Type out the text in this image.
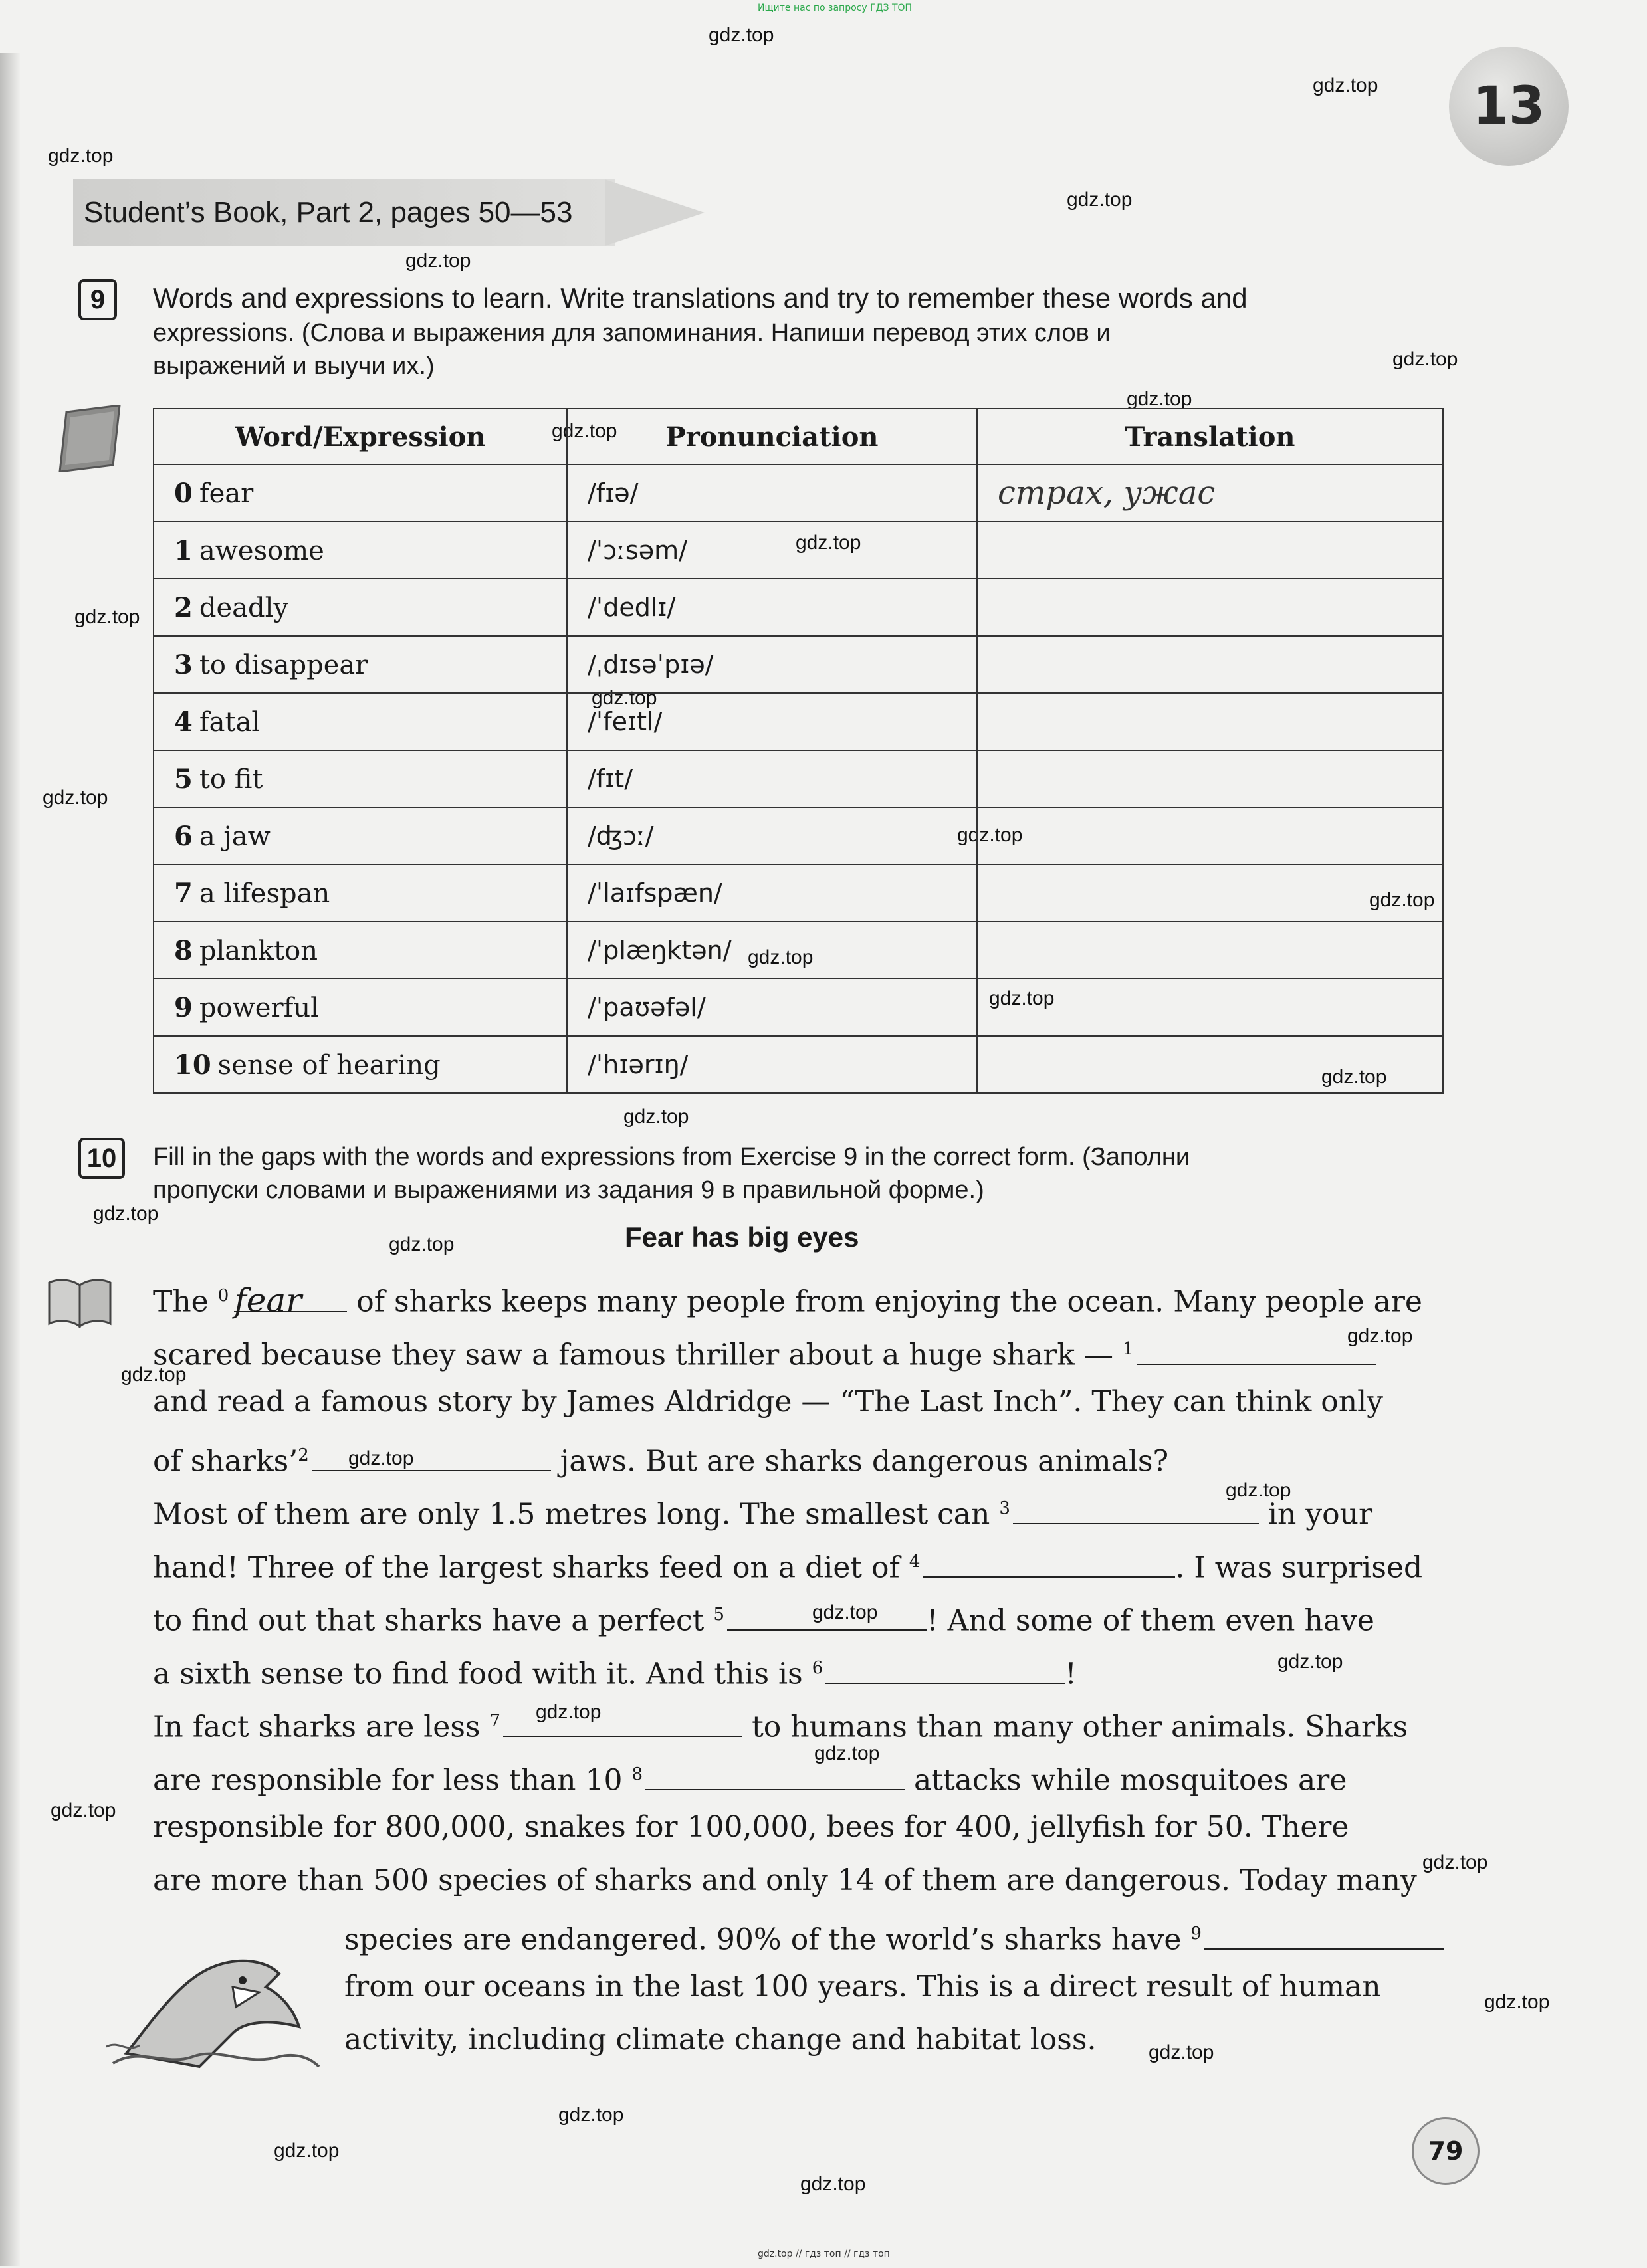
Ищите нас по запросу ГДЗ ТОП
gdz.top
gdz.top
gdz.top
gdz.top
gdz.top
gdz.top
gdz.top
gdz.top
gdz.top
gdz.top
gdz.top
gdz.top
gdz.top
gdz.top
gdz.top
gdz.top
gdz.top
gdz.top
gdz.top
gdz.top
gdz.top
gdz.top
gdz.top
gdz.top
gdz.top
gdz.top
gdz.top
gdz.top
gdz.top
gdz.top
gdz.top
gdz.top
gdz.top
gdz.top
gdz.top
13
Student’s Book, Part 2, pages 50—53
9	Words and expressions to learn. Write translations and try to remember these words and
expressions. (Слова и выражения для запоминания. Напиши перевод этих слов и
выражений и выучи их.)
Word/Expression	Pronunciation	Translation
0 fear	/fɪə/	страх, ужас
1 awesome	/ˈɔːsəm/	
2 deadly	/ˈdedlɪ/	
3 to disappear	/ˌdɪsəˈpɪə/	
4 fatal	/ˈfeɪtl/	
5 to fit	/fɪt/	
6 a jaw	/ʤɔː/	
7 a lifespan	/ˈlaɪfspæn/	
8 plankton	/ˈplæŋktən/	
9 powerful	/ˈpaʊəfəl/	
10 sense of hearing	/ˈhɪərɪŋ/	
10	Fill in the gaps with the words and expressions from Exercise 9 in the correct form. (Заполни
пропуски словами и выражениями из задания 9 в правильной форме.)
Fear has big eyes
The $^0$ fear of sharks keeps many people from enjoying the ocean. Many people are
scared because they saw a famous thriller about a huge shark — $^1$
and read a famous story by James Aldridge — “The Last Inch”. They can think only
of sharks’$^2$	jaws. But are sharks dangerous animals?
Most of them are only 1.5 metres long. The smallest can $^3$	in your
hand! Three of the largest sharks feed on a diet of $^4$	. I was surprised
to find out that sharks have a perfect $^5$	! And some of them even have
a sixth sense to find food with it. And this is $^6$	!
In fact sharks are less $^7$	to humans than many other animals. Sharks
are responsible for less than 10 $^8$	attacks while mosquitoes are
responsible for 800,000, snakes for 100,000, bees for 400, jellyfish for 50. There
are more than 500 species of sharks and only 14 of them are dangerous. Today many
species are endangered. 90% of the world’s sharks have $^9$
from our oceans in the last 100 years. This is a direct result of human
activity, including climate change and habitat loss.
79
gdz.top // гдз топ // гдз топ
